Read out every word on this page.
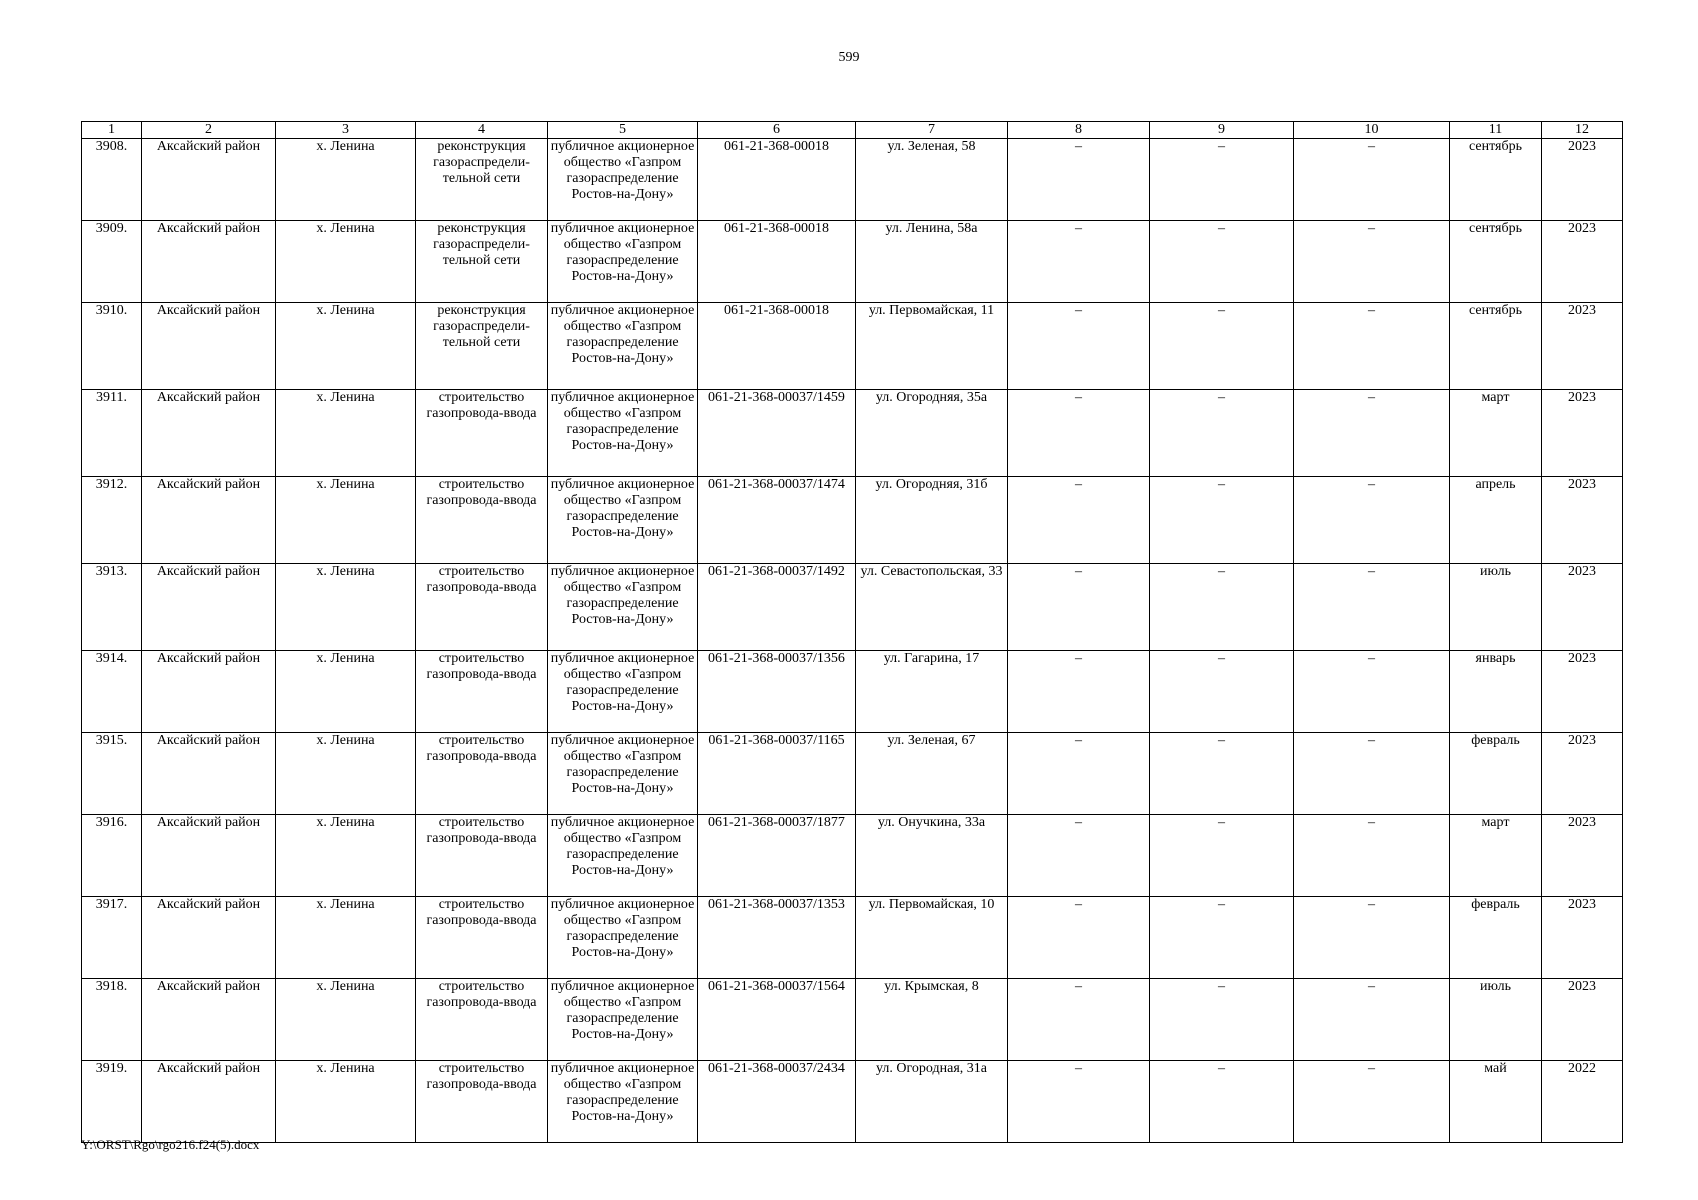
599
1	2	3	4	5	6	7	8	9	10	11	12
3908.	Аксайский район	х. Ленина	реконструкция газораспредели-тельной сети	публичное акционерное общество «Газпром газораспределение Ростов-на-Дону»	061-21-368-00018	ул. Зеленая, 58	–	–	–	сентябрь	2023
3909.	Аксайский район	х. Ленина	реконструкция газораспредели-тельной сети	публичное акционерное общество «Газпром газораспределение Ростов-на-Дону»	061-21-368-00018	ул. Ленина, 58а	–	–	–	сентябрь	2023
3910.	Аксайский район	х. Ленина	реконструкция газораспредели-тельной сети	публичное акционерное общество «Газпром газораспределение Ростов-на-Дону»	061-21-368-00018	ул. Первомайская, 11	–	–	–	сентябрь	2023
3911.	Аксайский район	х. Ленина	строительство газопровода-ввода	публичное акционерное общество «Газпром газораспределение Ростов-на-Дону»	061-21-368-00037/1459	ул. Огородняя, 35а	–	–	–	март	2023
3912.	Аксайский район	х. Ленина	строительство газопровода-ввода	публичное акционерное общество «Газпром газораспределение Ростов-на-Дону»	061-21-368-00037/1474	ул. Огородняя, 31б	–	–	–	апрель	2023
3913.	Аксайский район	х. Ленина	строительство газопровода-ввода	публичное акционерное общество «Газпром газораспределение Ростов-на-Дону»	061-21-368-00037/1492	ул. Севастопольская, 33	–	–	–	июль	2023
3914.	Аксайский район	х. Ленина	строительство газопровода-ввода	публичное акционерное общество «Газпром газораспределение Ростов-на-Дону»	061-21-368-00037/1356	ул. Гагарина, 17	–	–	–	январь	2023
3915.	Аксайский район	х. Ленина	строительство газопровода-ввода	публичное акционерное общество «Газпром газораспределение Ростов-на-Дону»	061-21-368-00037/1165	ул. Зеленая, 67	–	–	–	февраль	2023
3916.	Аксайский район	х. Ленина	строительство газопровода-ввода	публичное акционерное общество «Газпром газораспределение Ростов-на-Дону»	061-21-368-00037/1877	ул. Онучкина, 33а	–	–	–	март	2023
3917.	Аксайский район	х. Ленина	строительство газопровода-ввода	публичное акционерное общество «Газпром газораспределение Ростов-на-Дону»	061-21-368-00037/1353	ул. Первомайская, 10	–	–	–	февраль	2023
3918.	Аксайский район	х. Ленина	строительство газопровода-ввода	публичное акционерное общество «Газпром газораспределение Ростов-на-Дону»	061-21-368-00037/1564	ул. Крымская, 8	–	–	–	июль	2023
3919.	Аксайский район	х. Ленина	строительство газопровода-ввода	публичное акционерное общество «Газпром газораспределение Ростов-на-Дону»	061-21-368-00037/2434	ул. Огородная, 31а	–	–	–	май	2022
Y:\ORST\Rgo\rgo216.f24(5).docx
